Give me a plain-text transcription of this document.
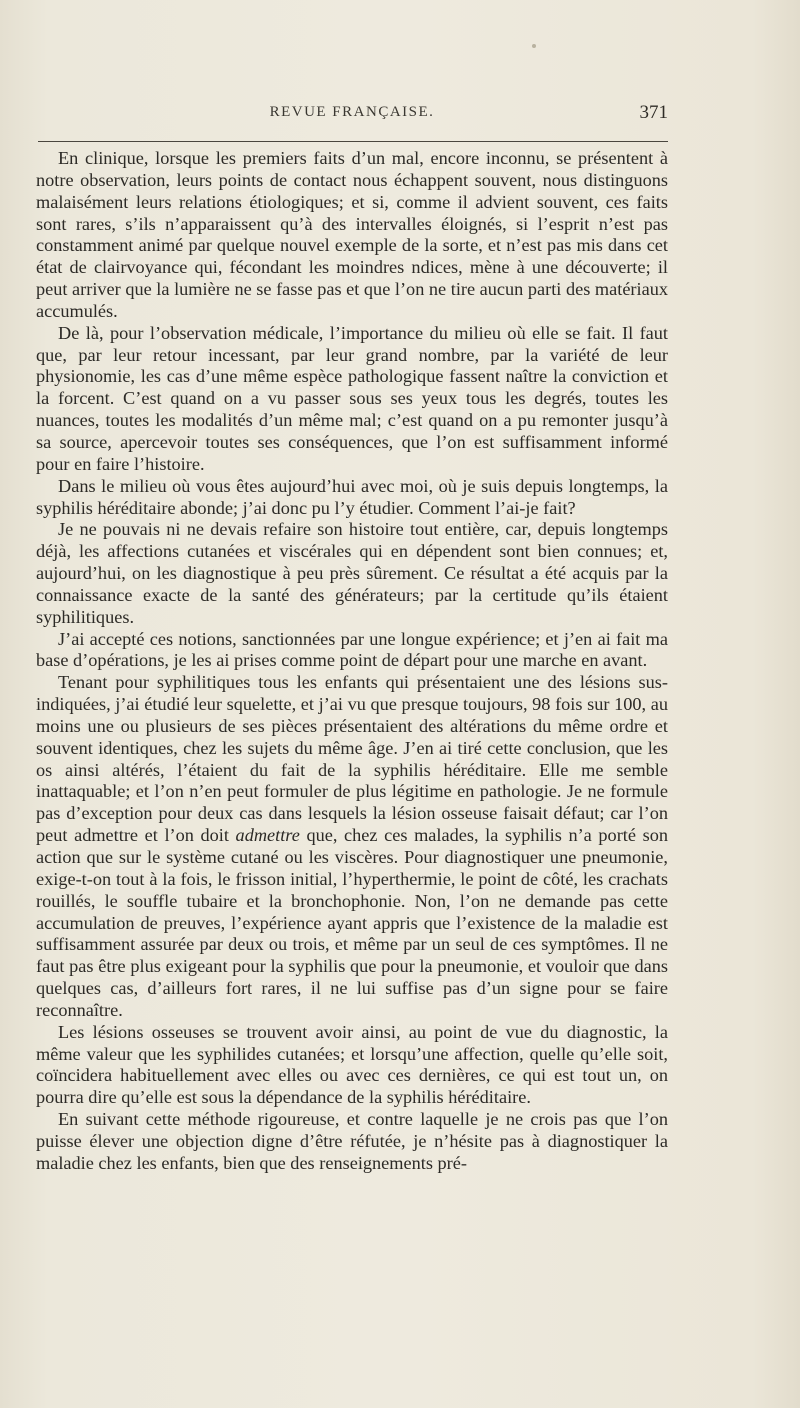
REVUE FRANÇAISE.	371

En clinique, lorsque les premiers faits d’un mal, encore inconnu, se présentent à notre observation, leurs points de contact nous échappent souvent, nous distinguons malaisément leurs relations étiologiques; et si, comme il advient souvent, ces faits sont rares, s’ils n’apparaissent qu’à des intervalles éloignés, si l’esprit n’est pas constamment animé par quelque nouvel exemple de la sorte, et n’est pas mis dans cet état de clairvoyance qui, fécondant les moindres ndices, mène à une découverte; il peut arriver que la lumière ne se fasse pas et que l’on ne tire aucun parti des matériaux accumulés.

De là, pour l’observation médicale, l’importance du milieu où elle se fait. Il faut que, par leur retour incessant, par leur grand nombre, par la variété de leur physionomie, les cas d’une même espèce pathologique fassent naître la conviction et la forcent. C’est quand on a vu passer sous ses yeux tous les degrés, toutes les nuances, toutes les modalités d’un même mal; c’est quand on a pu remonter jusqu’à sa source, apercevoir toutes ses conséquences, que l’on est suffisamment informé pour en faire l’histoire.

Dans le milieu où vous êtes aujourd’hui avec moi, où je suis depuis longtemps, la syphilis héréditaire abonde; j’ai donc pu l’y étudier. Comment l’ai-je fait?

Je ne pouvais ni ne devais refaire son histoire tout entière, car, depuis longtemps déjà, les affections cutanées et viscérales qui en dépendent sont bien connues; et, aujourd’hui, on les diagnostique à peu près sûrement. Ce résultat a été acquis par la connaissance exacte de la santé des générateurs; par la certitude qu’ils étaient syphilitiques.

J’ai accepté ces notions, sanctionnées par une longue expérience; et j’en ai fait ma base d’opérations, je les ai prises comme point de départ pour une marche en avant.

Tenant pour syphilitiques tous les enfants qui présentaient une des lésions sus-indiquées, j’ai étudié leur squelette, et j’ai vu que presque toujours, 98 fois sur 100, au moins une ou plusieurs de ses pièces présentaient des altérations du même ordre et souvent identiques, chez les sujets du même âge. J’en ai tiré cette conclusion, que les os ainsi altérés, l’étaient du fait de la syphilis héréditaire. Elle me semble inattaquable; et l’on n’en peut formuler de plus légitime en pathologie. Je ne formule pas d’exception pour deux cas dans lesquels la lésion osseuse faisait défaut; car l’on peut admettre et l’on doit admettre que, chez ces malades, la syphilis n’a porté son action que sur le système cutané ou les viscères. Pour diagnostiquer une pneumonie, exige-t-on tout à la fois, le frisson initial, l’hyperthermie, le point de côté, les crachats rouillés, le souffle tubaire et la bronchophonie. Non, l’on ne demande pas cette accumulation de preuves, l’expérience ayant appris que l’existence de la maladie est suffisamment assurée par deux ou trois, et même par un seul de ces symptômes. Il ne faut pas être plus exigeant pour la syphilis que pour la pneumonie, et vouloir que dans quelques cas, d’ailleurs fort rares, il ne lui suffise pas d’un signe pour se faire reconnaître.

Les lésions osseuses se trouvent avoir ainsi, au point de vue du diagnostic, la même valeur que les syphilides cutanées; et lorsqu’une affection, quelle qu’elle soit, coïncidera habituellement avec elles ou avec ces dernières, ce qui est tout un, on pourra dire qu’elle est sous la dépendance de la syphilis héréditaire.

En suivant cette méthode rigoureuse, et contre laquelle je ne crois pas que l’on puisse élever une objection digne d’être réfutée, je n’hésite pas à diagnostiquer la maladie chez les enfants, bien que des renseignements pré-
